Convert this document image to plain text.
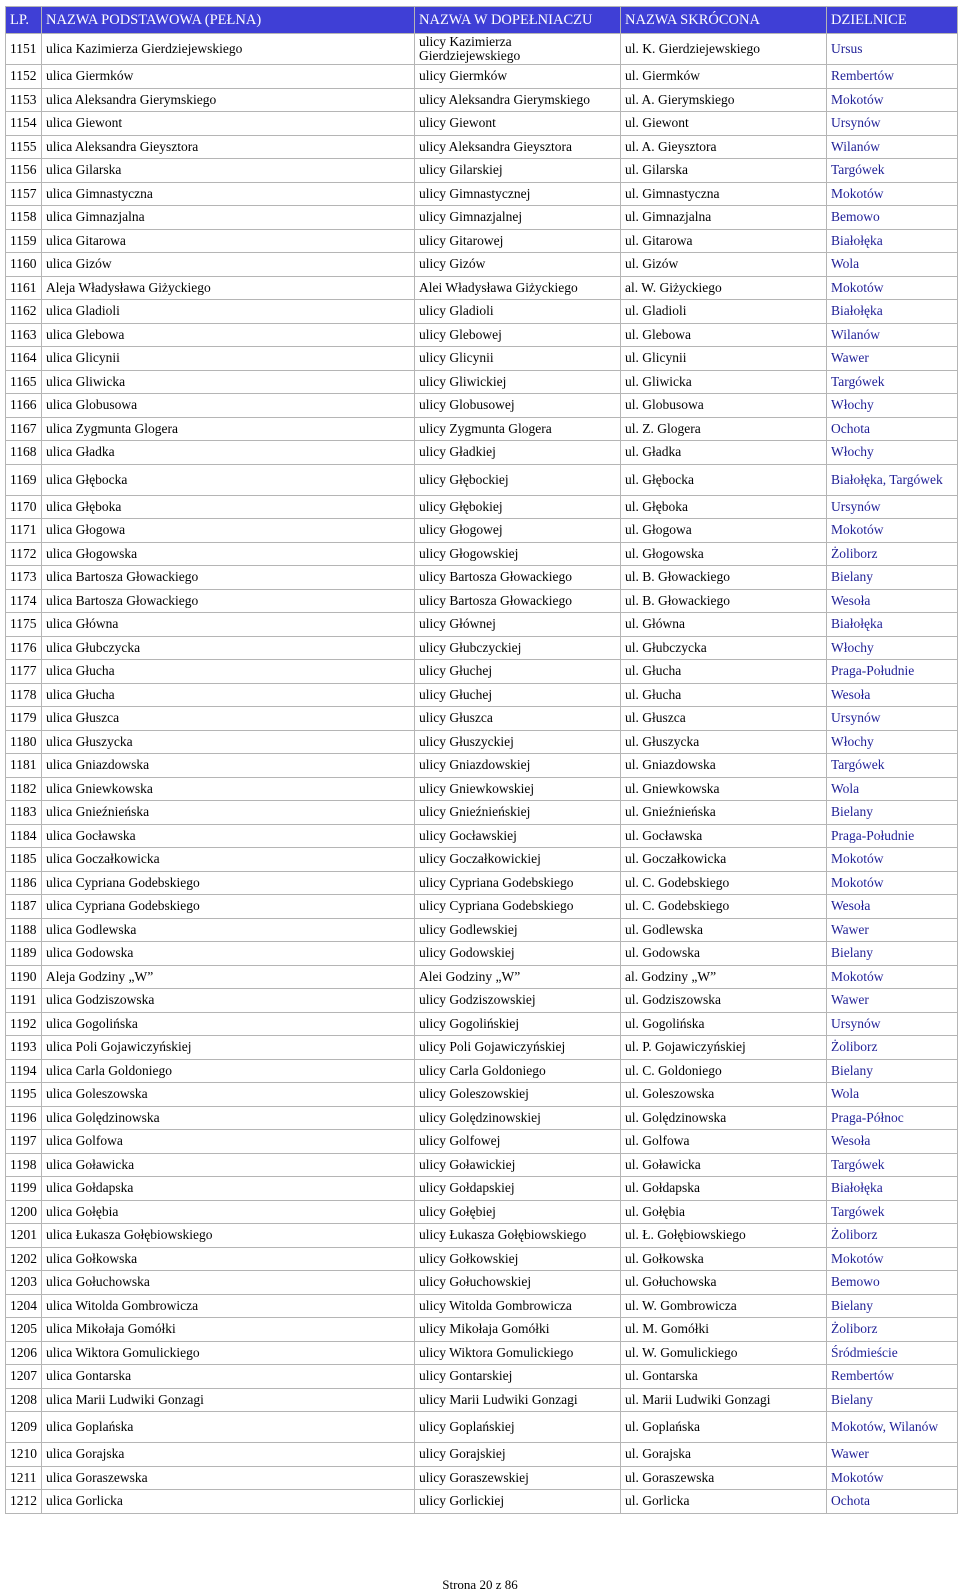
LP.	NAZWA PODSTAWOWA (PEŁNA)	NAZWA W DOPEŁNIACZU	NAZWA SKRÓCONA	DZIELNICE
1151	ulica Kazimierza Gierdziejewskiego	ulicy Kazimierza Gierdziejewskiego	ul. K. Gierdziejewskiego	Ursus
1152	ulica Giermków	ulicy Giermków	ul. Giermków	Rembertów
1153	ulica Aleksandra Gierymskiego	ulicy Aleksandra Gierymskiego	ul. A. Gierymskiego	Mokotów
1154	ulica Giewont	ulicy Giewont	ul. Giewont	Ursynów
1155	ulica Aleksandra Gieysztora	ulicy Aleksandra Gieysztora	ul. A. Gieysztora	Wilanów
1156	ulica Gilarska	ulicy Gilarskiej	ul. Gilarska	Targówek
1157	ulica Gimnastyczna	ulicy Gimnastycznej	ul. Gimnastyczna	Mokotów
1158	ulica Gimnazjalna	ulicy Gimnazjalnej	ul. Gimnazjalna	Bemowo
1159	ulica Gitarowa	ulicy Gitarowej	ul. Gitarowa	Białołęka
1160	ulica Gizów	ulicy Gizów	ul. Gizów	Wola
1161	Aleja Władysława Giżyckiego	Alei Władysława Giżyckiego	al. W. Giżyckiego	Mokotów
1162	ulica Gladioli	ulicy Gladioli	ul. Gladioli	Białołęka
1163	ulica Glebowa	ulicy Glebowej	ul. Glebowa	Wilanów
1164	ulica Glicynii	ulicy Glicynii	ul. Glicynii	Wawer
1165	ulica Gliwicka	ulicy Gliwickiej	ul. Gliwicka	Targówek
1166	ulica Globusowa	ulicy Globusowej	ul. Globusowa	Włochy
1167	ulica Zygmunta Glogera	ulicy Zygmunta Glogera	ul. Z. Glogera	Ochota
1168	ulica Gładka	ulicy Gładkiej	ul. Gładka	Włochy
1169	ulica Głębocka	ulicy Głębockiej	ul. Głębocka	Białołęka, Targówek
1170	ulica Głęboka	ulicy Głębokiej	ul. Głęboka	Ursynów
1171	ulica Głogowa	ulicy Głogowej	ul. Głogowa	Mokotów
1172	ulica Głogowska	ulicy Głogowskiej	ul. Głogowska	Żoliborz
1173	ulica Bartosza Głowackiego	ulicy Bartosza Głowackiego	ul. B. Głowackiego	Bielany
1174	ulica Bartosza Głowackiego	ulicy Bartosza Głowackiego	ul. B. Głowackiego	Wesoła
1175	ulica Główna	ulicy Głównej	ul. Główna	Białołęka
1176	ulica Głubczycka	ulicy Głubczyckiej	ul. Głubczycka	Włochy
1177	ulica Głucha	ulicy Głuchej	ul. Głucha	Praga-Południe
1178	ulica Głucha	ulicy Głuchej	ul. Głucha	Wesoła
1179	ulica Głuszca	ulicy Głuszca	ul. Głuszca	Ursynów
1180	ulica Głuszycka	ulicy Głuszyckiej	ul. Głuszycka	Włochy
1181	ulica Gniazdowska	ulicy Gniazdowskiej	ul. Gniazdowska	Targówek
1182	ulica Gniewkowska	ulicy Gniewkowskiej	ul. Gniewkowska	Wola
1183	ulica Gnieźnieńska	ulicy Gnieźnieńskiej	ul. Gnieźnieńska	Bielany
1184	ulica Gocławska	ulicy Gocławskiej	ul. Gocławska	Praga-Południe
1185	ulica Goczałkowicka	ulicy Goczałkowickiej	ul. Goczałkowicka	Mokotów
1186	ulica Cypriana Godebskiego	ulicy Cypriana Godebskiego	ul. C. Godebskiego	Mokotów
1187	ulica Cypriana Godebskiego	ulicy Cypriana Godebskiego	ul. C. Godebskiego	Wesoła
1188	ulica Godlewska	ulicy Godlewskiej	ul. Godlewska	Wawer
1189	ulica Godowska	ulicy Godowskiej	ul. Godowska	Bielany
1190	Aleja Godziny „W”	Alei Godziny „W”	al. Godziny „W”	Mokotów
1191	ulica Godziszowska	ulicy Godziszowskiej	ul. Godziszowska	Wawer
1192	ulica Gogolińska	ulicy Gogolińskiej	ul. Gogolińska	Ursynów
1193	ulica Poli Gojawiczyńskiej	ulicy Poli Gojawiczyńskiej	ul. P. Gojawiczyńskiej	Żoliborz
1194	ulica Carla Goldoniego	ulicy Carla Goldoniego	ul. C. Goldoniego	Bielany
1195	ulica Goleszowska	ulicy Goleszowskiej	ul. Goleszowska	Wola
1196	ulica Golędzinowska	ulicy Golędzinowskiej	ul. Golędzinowska	Praga-Północ
1197	ulica Golfowa	ulicy Golfowej	ul. Golfowa	Wesoła
1198	ulica Goławicka	ulicy Goławickiej	ul. Goławicka	Targówek
1199	ulica Gołdapska	ulicy Gołdapskiej	ul. Gołdapska	Białołęka
1200	ulica Gołębia	ulicy Gołębiej	ul. Gołębia	Targówek
1201	ulica Łukasza Gołębiowskiego	ulicy Łukasza Gołębiowskiego	ul. Ł. Gołębiowskiego	Żoliborz
1202	ulica Gołkowska	ulicy Gołkowskiej	ul. Gołkowska	Mokotów
1203	ulica Gołuchowska	ulicy Gołuchowskiej	ul. Gołuchowska	Bemowo
1204	ulica Witolda Gombrowicza	ulicy Witolda Gombrowicza	ul. W. Gombrowicza	Bielany
1205	ulica Mikołaja Gomółki	ulicy Mikołaja Gomółki	ul. M. Gomółki	Żoliborz
1206	ulica Wiktora Gomulickiego	ulicy Wiktora Gomulickiego	ul. W. Gomulickiego	Śródmieście
1207	ulica Gontarska	ulicy Gontarskiej	ul. Gontarska	Rembertów
1208	ulica Marii Ludwiki Gonzagi	ulicy Marii Ludwiki Gonzagi	ul. Marii Ludwiki Gonzagi	Bielany
1209	ulica Goplańska	ulicy Goplańskiej	ul. Goplańska	Mokotów, Wilanów
1210	ulica Gorajska	ulicy Gorajskiej	ul. Gorajska	Wawer
1211	ulica Goraszewska	ulicy Goraszewskiej	ul. Goraszewska	Mokotów
1212	ulica Gorlicka	ulicy Gorlickiej	ul. Gorlicka	Ochota
Strona 20 z 86
